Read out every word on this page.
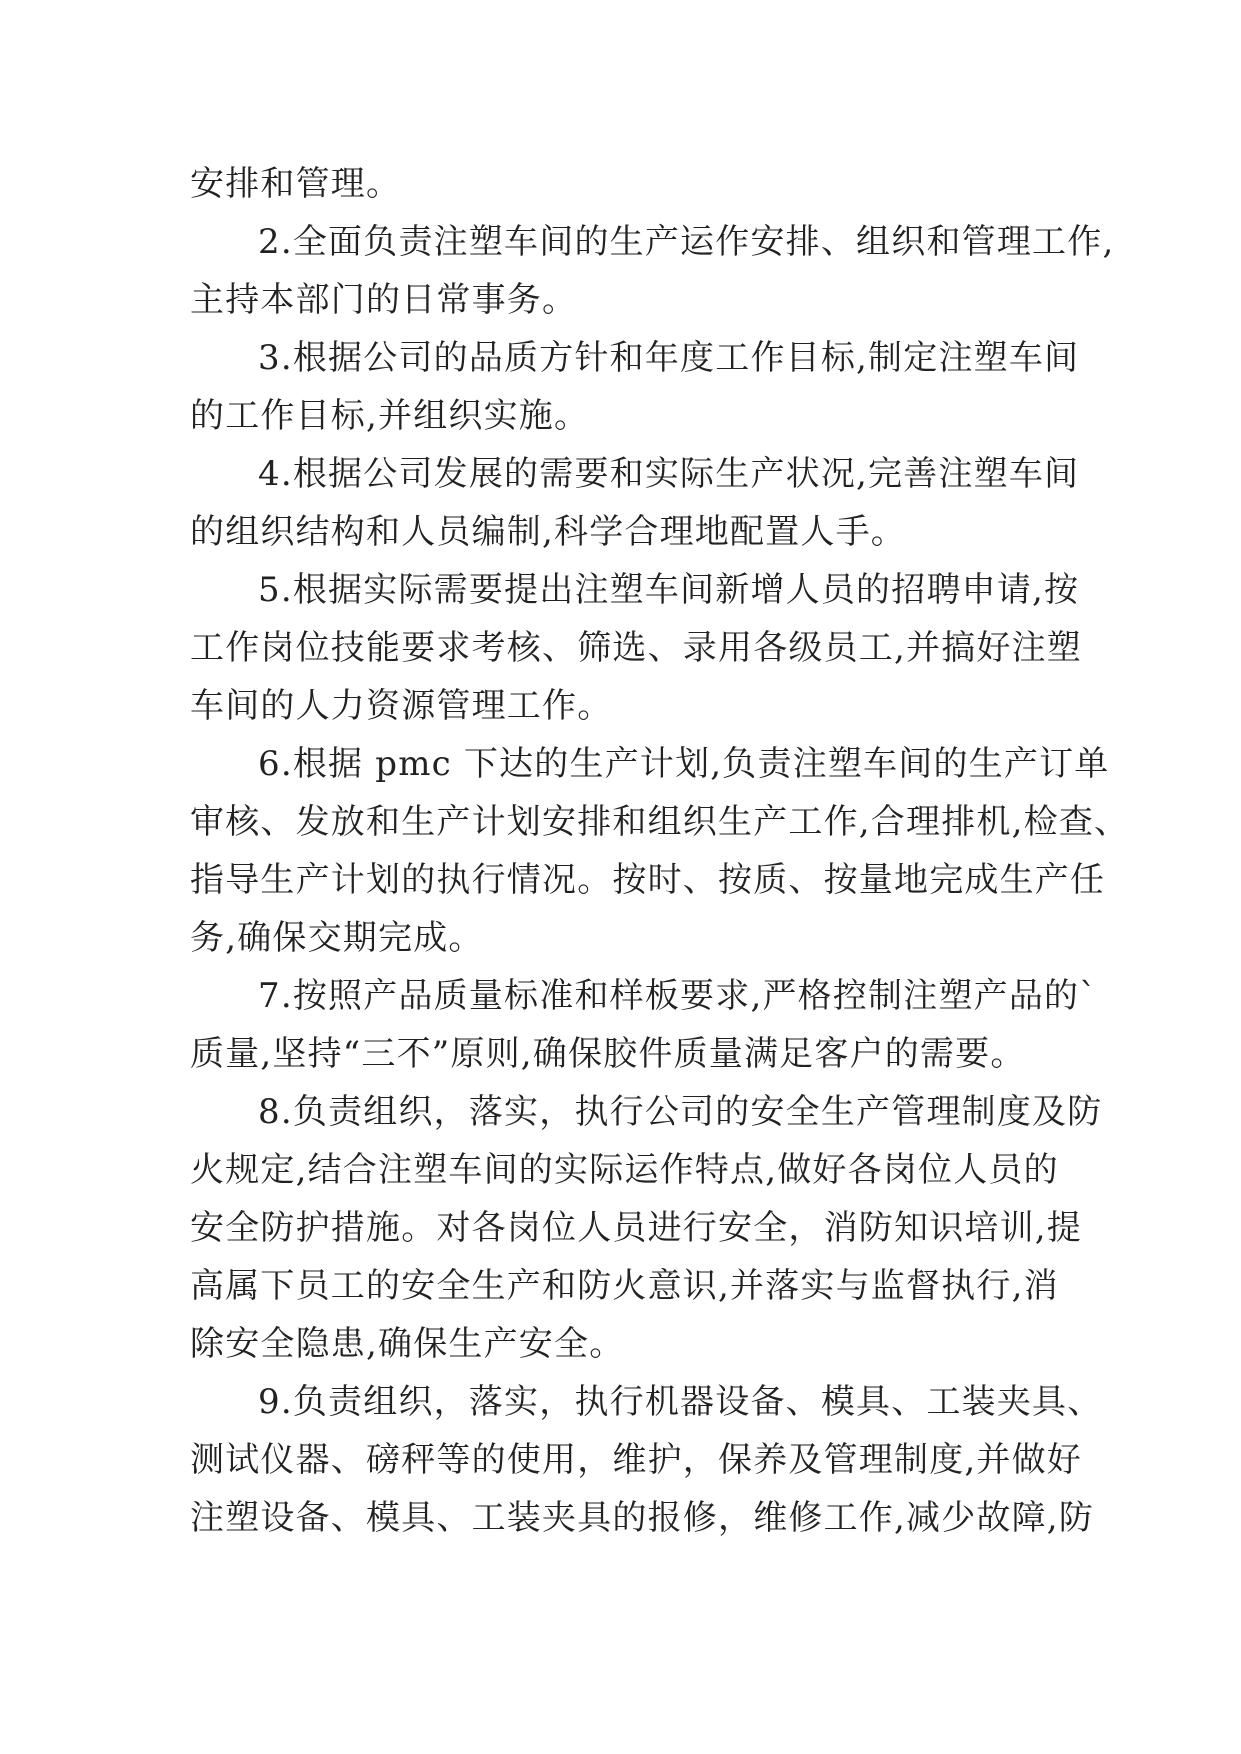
安排和管理。
2.全面负责注塑车间的生产运作安排、组织和管理工作,
主持本部门的日常事务。
3.根据公司的品质方针和年度工作目标,制定注塑车间
的工作目标,并组织实施。
4.根据公司发展的需要和实际生产状况,完善注塑车间
的组织结构和人员编制,科学合理地配置人手。
5.根据实际需要提出注塑车间新增人员的招聘申请,按
工作岗位技能要求考核、筛选、录用各级员工,并搞好注塑
车间的人力资源管理工作。
6.根据 pmc 下达的生产计划,负责注塑车间的生产订单
审核、发放和生产计划安排和组织生产工作,合理排机,检查、
指导生产计划的执行情况。按时、按质、按量地完成生产任
务,确保交期完成。
7.按照产品质量标准和样板要求,严格控制注塑产品的`
质量,坚持“三不”原则,确保胶件质量满足客户的需要。
8.负责组织，落实，执行公司的安全生产管理制度及防
火规定,结合注塑车间的实际运作特点,做好各岗位人员的
安全防护措施。对各岗位人员进行安全，消防知识培训,提
高属下员工的安全生产和防火意识,并落实与监督执行,消
除安全隐患,确保生产安全。
9.负责组织，落实，执行机器设备、模具、工装夹具、
测试仪器、磅秤等的使用，维护，保养及管理制度,并做好
注塑设备、模具、工装夹具的报修，维修工作,减少故障,防
